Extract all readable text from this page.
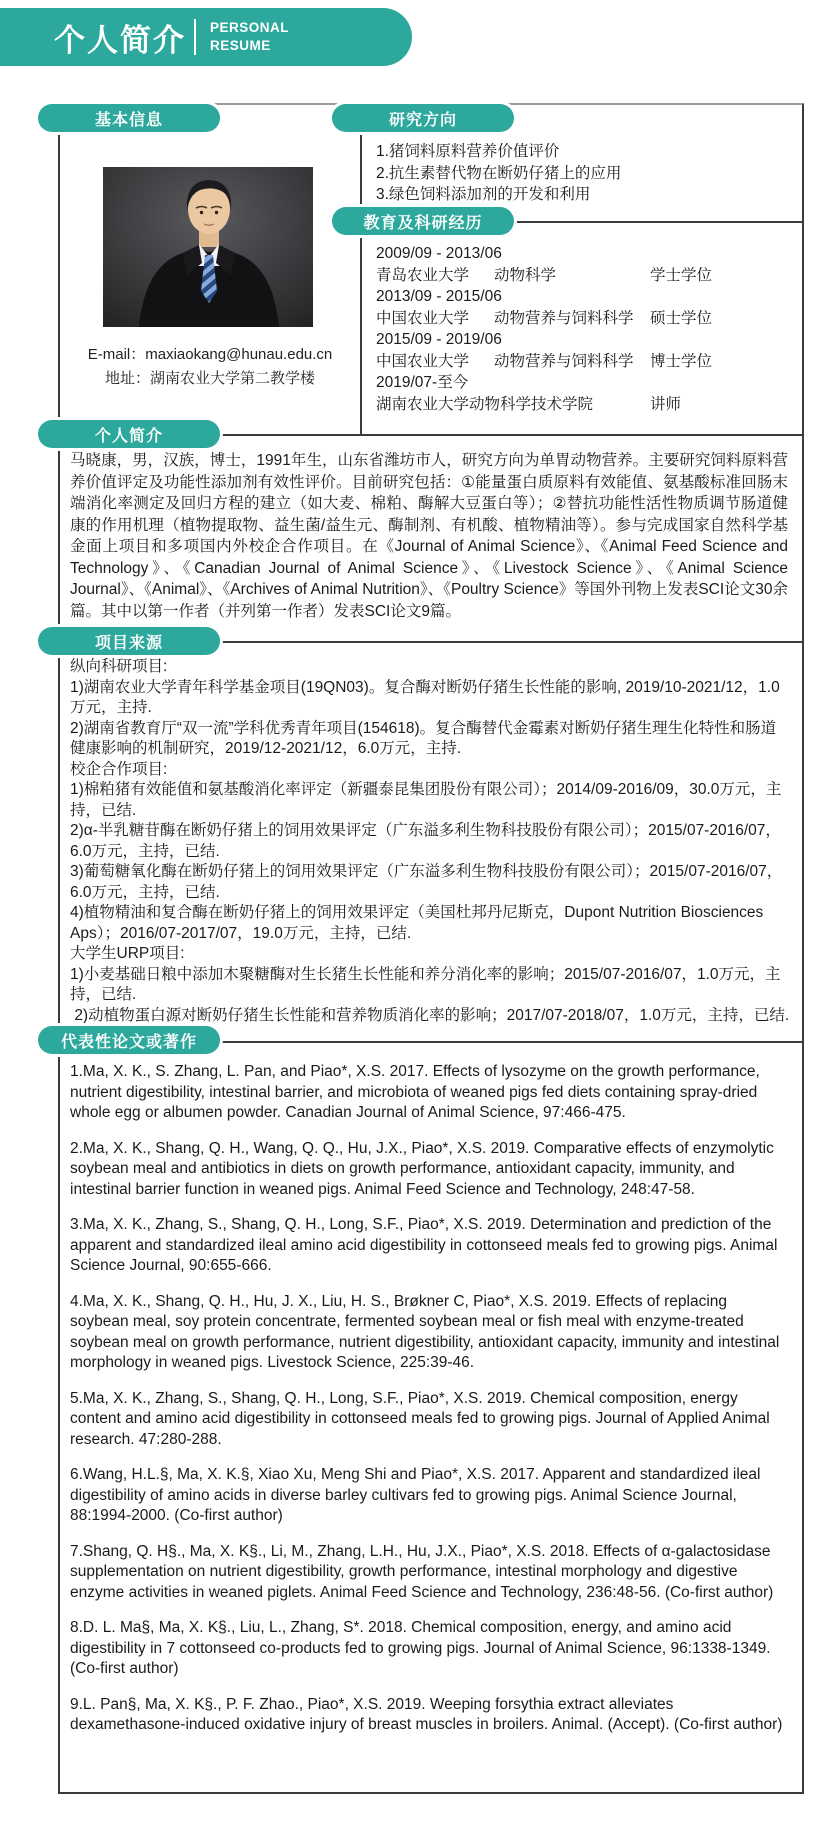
个人简介 PERSONAL
RESUME
基本信息	研究方向
教育及科研经历
个人简介
项目来源
代表性论文或著作
E-mail：maxiaokang@hunau.edu.cn
地址：湖南农业大学第二教学楼
1.猪饲料原料营养价值评价
2.抗生素替代物在断奶仔猪上的应用
3.绿色饲料添加剂的开发和利用
2009/09 - 2013/06
青岛农业大学 动物科学	学士学位
2013/09 - 2015/06
中国农业大学 动物营养与饲料科学 硕士学位
2015/09 - 2019/06
中国农业大学 动物营养与饲料科学 博士学位
2019/07-至今
湖南农业大学动物科学技术学院	讲师
马晓康，男，汉族，博士，1991年生，山东省潍坊市人，研究方向为单胃动物营养。主要研究饲料原料营养价值评定及功能性添加剂有效性评价。目前研究包括：①能量蛋白质原料有效能值、氨基酸标准回肠末端消化率测定及回归方程的建立（如大麦、棉粕、酶解大豆蛋白等）；②替抗功能性活性物质调节肠道健康的作用机理（植物提取物、益生菌/益生元、酶制剂、有机酸、植物精油等）。参与完成国家自然科学基金面上项目和多项国内外校企合作项目。在《Journal of Animal Science》、《Animal Feed Science and Technology》、《Canadian Journal of Animal Science》、《Livestock Science》、《Animal Science Journal》、《Animal》、《Archives of Animal Nutrition》、《Poultry Science》等国外刊物上发表SCI论文30余篇。其中以第一作者（并列第一作者）发表SCI论文9篇。
纵向科研项目:
1)湖南农业大学青年科学基金项目(19QN03)。复合酶对断奶仔猪生长性能的影响, 2019/10-2021/12，1.0万元，主持.
2)湖南省教育厅“双一流”学科优秀青年项目(154618)。复合酶替代金霉素对断奶仔猪生理生化特性和肠道健康影响的机制研究，2019/12-2021/12，6.0万元，主持.
校企合作项目:
1)棉粕猪有效能值和氨基酸消化率评定（新疆泰昆集团股份有限公司）；2014/09-2016/09，30.0万元，主持，已结.
2)α-半乳糖苷酶在断奶仔猪上的饲用效果评定（广东溢多利生物科技股份有限公司）；2015/07-2016/07，6.0万元，主持，已结.
3)葡萄糖氧化酶在断奶仔猪上的饲用效果评定（广东溢多利生物科技股份有限公司）；2015/07-2016/07，6.0万元，主持，已结.
4)植物精油和复合酶在断奶仔猪上的饲用效果评定（美国杜邦丹尼斯克，Dupont Nutrition Biosciences Aps）；2016/07-2017/07，19.0万元，主持，已结.
大学生URP项目:
1)小麦基础日粮中添加木聚糖酶对生长猪生长性能和养分消化率的影响；2015/07-2016/07，1.0万元，主持，已结.
2)动植物蛋白源对断奶仔猪生长性能和营养物质消化率的影响；2017/07-2018/07，1.0万元，主持，已结.

1.Ma, X. K., S. Zhang, L. Pan, and Piao*, X.S. 2017. Effects of lysozyme on the growth performance, nutrient digestibility, intestinal barrier, and microbiota of weaned pigs fed diets containing spray-dried whole egg or albumen powder. Canadian Journal of Animal Science, 97:466-475.

2.Ma, X. K., Shang, Q. H., Wang, Q. Q., Hu, J.X., Piao*, X.S. 2019. Comparative effects of enzymolytic soybean meal and antibiotics in diets on growth performance, antioxidant capacity, immunity, and intestinal barrier function in weaned pigs. Animal Feed Science and Technology, 248:47-58.

3.Ma, X. K., Zhang, S., Shang, Q. H., Long, S.F., Piao*, X.S. 2019. Determination and prediction of the apparent and standardized ileal amino acid digestibility in cottonseed meals fed to growing pigs. Animal Science Journal, 90:655-666.

4.Ma, X. K., Shang, Q. H., Hu, J. X., Liu, H. S., Brøkner C, Piao*, X.S. 2019. Effects of replacing soybean meal, soy protein concentrate, fermented soybean meal or fish meal with enzyme-treated soybean meal on growth performance, nutrient digestibility, antioxidant capacity, immunity and intestinal morphology in weaned pigs. Livestock Science, 225:39-46.

5.Ma, X. K., Zhang, S., Shang, Q. H., Long, S.F., Piao*, X.S. 2019. Chemical composition, energy content and amino acid digestibility in cottonseed meals fed to growing pigs. Journal of Applied Animal research. 47:280-288.

6.Wang, H.L.§, Ma, X. K.§, Xiao Xu, Meng Shi and Piao*, X.S. 2017. Apparent and standardized ileal digestibility of amino acids in diverse barley cultivars fed to growing pigs. Animal Science Journal, 88:1994-2000. (Co-first author)

7.Shang, Q. H§., Ma, X. K§., Li, M., Zhang, L.H., Hu, J.X., Piao*, X.S. 2018. Effects of α-galactosidase supplementation on nutrient digestibility, growth performance, intestinal morphology and digestive enzyme activities in weaned piglets. Animal Feed Science and Technology, 236:48-56. (Co-first author)

8.D. L. Ma§, Ma, X. K§., Liu, L., Zhang, S*. 2018. Chemical composition, energy, and amino acid digestibility in 7 cottonseed co-products fed to growing pigs. Journal of Animal Science, 96:1338-1349. (Co-first author)

9.L. Pan§, Ma, X. K§., P. F. Zhao., Piao*, X.S. 2019. Weeping forsythia extract alleviates dexamethasone-induced oxidative injury of breast muscles in broilers. Animal. (Accept). (Co-first author)
